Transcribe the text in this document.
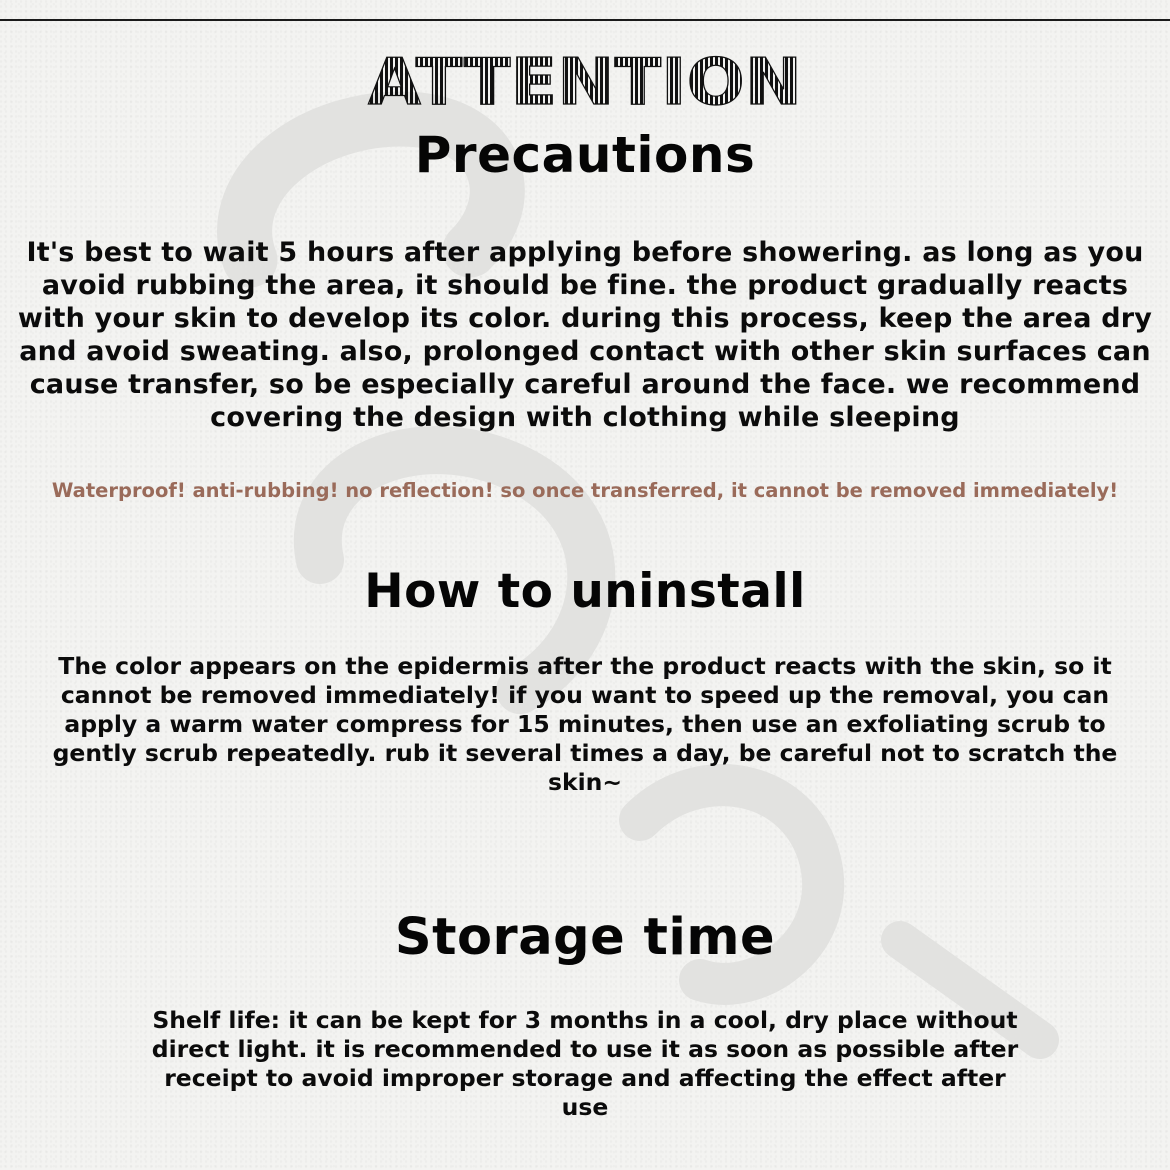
ATTENTION
Precautions

It's best to wait 5 hours after applying before showering. as long as you avoid rubbing the area, it should be fine. the product gradually reacts with your skin to develop its color. during this process, keep the area dry and avoid sweating. also, prolonged contact with other skin surfaces can cause transfer, so be especially careful around the face. we recommend covering the design with clothing while sleeping

Waterproof! anti-rubbing! no reflection! so once transferred, it cannot be removed immediately!

How to uninstall

The color appears on the epidermis after the product reacts with the skin, so it cannot be removed immediately! if you want to speed up the removal, you can apply a warm water compress for 15 minutes, then use an exfoliating scrub to gently scrub repeatedly. rub it several times a day, be careful not to scratch the skin~

Storage time

Shelf life: it can be kept for 3 months in a cool, dry place without direct light. it is recommended to use it as soon as possible after receipt to avoid improper storage and affecting the effect after use
